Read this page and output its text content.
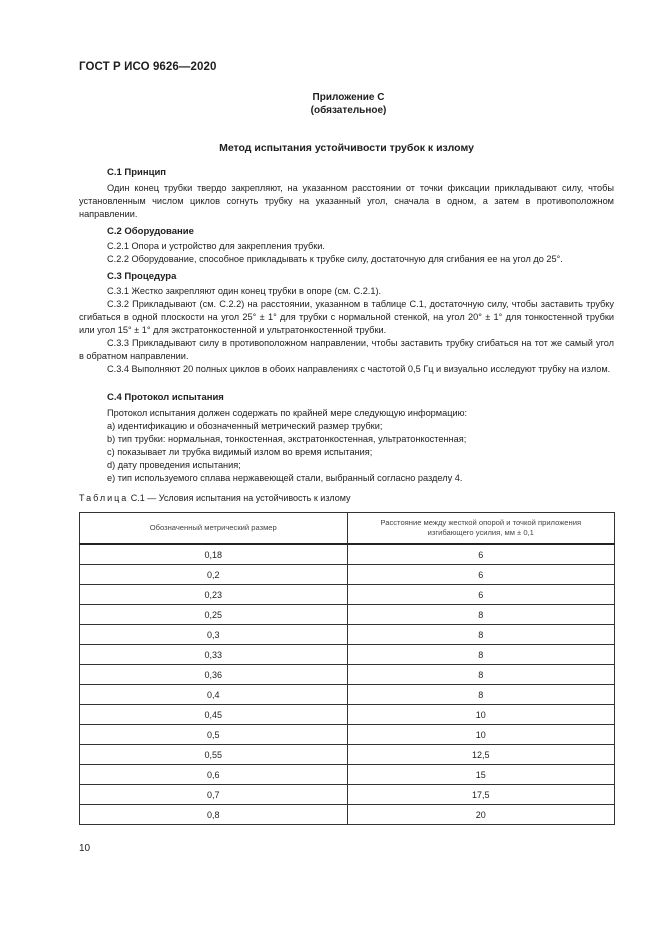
ГОСТ Р ИСО 9626—2020
Приложение С
(обязательное)
Метод испытания устойчивости трубок к излому
С.1 Принцип
Один конец трубки твердо закрепляют, на указанном расстоянии от точки фиксации прикладывают силу, чтобы установленным числом циклов согнуть трубку на указанный угол, сначала в одном, а затем в противоположном направлении.
С.2 Оборудование
С.2.1 Опора и устройство для закрепления трубки.
С.2.2 Оборудование, способное прикладывать к трубке силу, достаточную для сгибания ее на угол до 25°.
С.3 Процедура
С.3.1 Жестко закрепляют один конец трубки в опоре (см. С.2.1).
С.3.2 Прикладывают (см. С.2.2) на расстоянии, указанном в таблице С.1, достаточную силу, чтобы заставить трубку сгибаться в одной плоскости на угол 25° ± 1° для трубки с нормальной стенкой, на угол 20° ± 1° для тонкостенной трубки или угол 15° ± 1° для экстратонкостенной и ультратонкостенной трубки.
С.3.3 Прикладывают силу в противоположном направлении, чтобы заставить трубку сгибаться на тот же самый угол в обратном направлении.
С.3.4 Выполняют 20 полных циклов в обоих направлениях с частотой 0,5 Гц и визуально исследуют трубку на излом.
С.4 Протокол испытания
Протокол испытания должен содержать по крайней мере следующую информацию:
а) идентификацию и обозначенный метрический размер трубки;
b) тип трубки: нормальная, тонкостенная, экстратонкостенная, ультратонкостенная;
c) показывает ли трубка видимый излом во время испытания;
d) дату проведения испытания;
e) тип используемого сплава нержавеющей стали, выбранный согласно разделу 4.
Таблица С.1 — Условия испытания на устойчивость к излому
Обозначенный метрический размер	Расстояние между жесткой опорой и точкой приложения изгибающего усилия, мм ± 0,1
0,18	6
0,2	6
0,23	6
0,25	8
0,3	8
0,33	8
0,36	8
0,4	8
0,45	10
0,5	10
0,55	12,5
0,6	15
0,7	17,5
0,8	20
10
